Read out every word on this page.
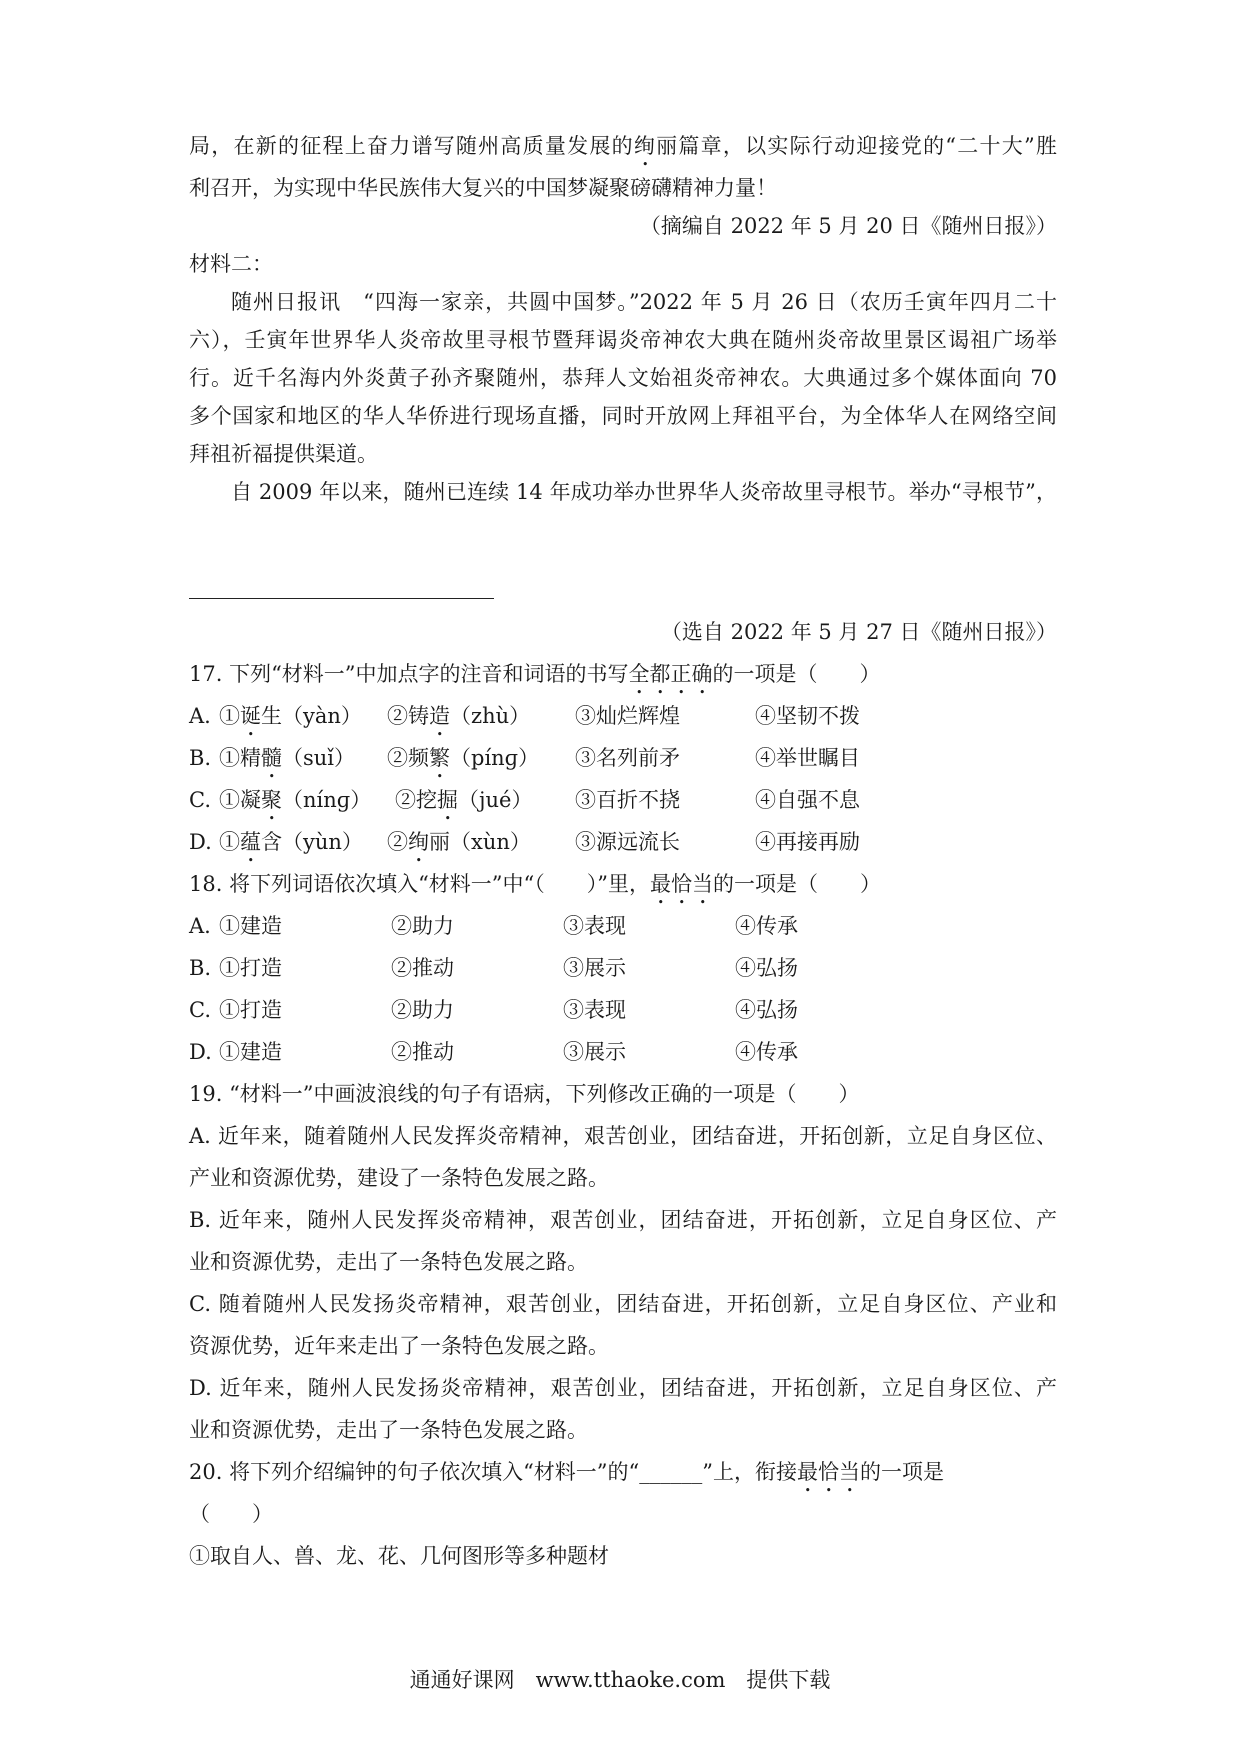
局，在新的征程上奋力谱写随州高质量发展的绚丽篇章，以实际行动迎接党的“二十大”胜
利召开，为实现中华民族伟大复兴的中国梦凝聚磅礴精神力量！
（摘编自 2022 年 5 月 20 日《随州日报》）
材料二：
随州日报讯　“四海一家亲，共圆中国梦。”2022 年 5 月 26 日（农历壬寅年四月二十
六），壬寅年世界华人炎帝故里寻根节暨拜谒炎帝神农大典在随州炎帝故里景区谒祖广场举
行。近千名海内外炎黄子孙齐聚随州，恭拜人文始祖炎帝神农。大典通过多个媒体面向 70
多个国家和地区的华人华侨进行现场直播，同时开放网上拜祖平台，为全体华人在网络空间
拜祖祈福提供渠道。
自 2009 年以来，随州已连续 14 年成功举办世界华人炎帝故里寻根节。举办“寻根节”，
（选自 2022 年 5 月 27 日《随州日报》）
17. 下列“材料一”中加点字的注音和词语的书写全都正确的一项是（　　）
A. ①诞生（yàn） ②铸造（zhù） ③灿烂辉煌	④坚韧不拨
B. ①精髓（suǐ） ②频繁（pínɡ） ③名列前矛	④举世瞩目
C. ①凝聚（nínɡ） ②挖掘（jué） ③百折不挠	④自强不息
D. ①蕴含（yùn） ②绚丽（xùn） ③源远流长	④再接再励
18. 将下列词语依次填入“材料一”中“（　　）”里，最恰当的一项是（　　）
A. ①建造	②助力	③表现	④传承
B. ①打造	②推动	③展示	④弘扬
C. ①打造	②助力	③表现	④弘扬
D. ①建造	②推动	③展示	④传承
19. “材料一”中画波浪线的句子有语病，下列修改正确的一项是（　　）
A. 近年来，随着随州人民发挥炎帝精神，艰苦创业，团结奋进，开拓创新，立足自身区位、
产业和资源优势，建设了一条特色发展之路。
B. 近年来，随州人民发挥炎帝精神，艰苦创业，团结奋进，开拓创新，立足自身区位、产
业和资源优势，走出了一条特色发展之路。
C. 随着随州人民发扬炎帝精神，艰苦创业，团结奋进，开拓创新，立足自身区位、产业和
资源优势，近年来走出了一条特色发展之路。
D. 近年来，随州人民发扬炎帝精神，艰苦创业，团结奋进，开拓创新，立足自身区位、产
业和资源优势，走出了一条特色发展之路。
20. 将下列介绍编钟的句子依次填入“材料一”的“______”上，衔接最恰当的一项是
（　　）
①取自人、兽、龙、花、几何图形等多种题材
通通好课网　www.tthaoke.com　提供下载
